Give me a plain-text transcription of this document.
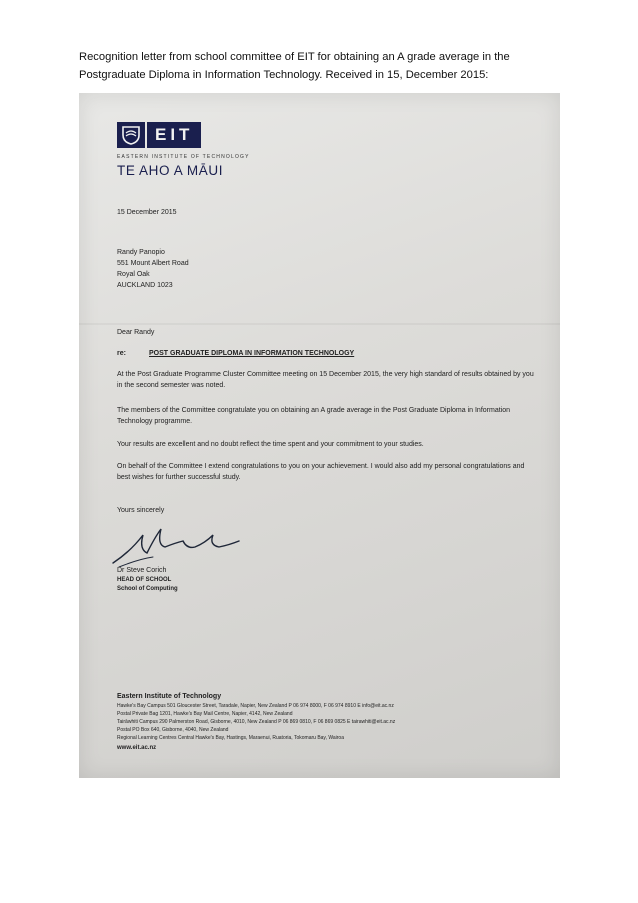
Recognition letter from school committee of EIT for obtaining an A grade average in the
Postgraduate Diploma in Information Technology. Received in 15, December 2015:
EIT
EASTERN INSTITUTE OF TECHNOLOGY
TE AHO A MĀUI
15 December 2015
Randy Panopio
551 Mount Albert Road
Royal Oak
AUCKLAND 1023
Dear Randy
re:	POST GRADUATE DIPLOMA IN INFORMATION TECHNOLOGY
At the Post Graduate Programme Cluster Committee meeting on 15 December 2015, the very high standard of results obtained by you in the second semester was noted.
The members of the Committee congratulate you on obtaining an A grade average in the Post Graduate Diploma in Information Technology programme.
Your results are excellent and no doubt reflect the time spent and your commitment to your studies.
On behalf of the Committee I extend congratulations to you on your achievement. I would also add my personal congratulations and best wishes for further successful study.
Yours sincerely
Dr Steve Corich
HEAD OF SCHOOL
School of Computing
Eastern Institute of Technology
Hawke's Bay Campus 501 Gloucester Street, Taradale, Napier, New Zealand P 06 974 8000, F 06 974 8910 E info@eit.ac.nz
Postal Private Bag 1201, Hawke's Bay Mail Centre, Napier, 4142, New Zealand
Tairāwhiti Campus 290 Palmerston Road, Gisborne, 4010, New Zealand P 06 869 0810, F 06 869 0825 E tairawhiti@eit.ac.nz
Postal PO Box 640, Gisborne, 4040, New Zealand
Regional Learning Centres Central Hawke's Bay, Hastings, Maraenui, Ruatoria, Tokomaru Bay, Wairoa
www.eit.ac.nz
